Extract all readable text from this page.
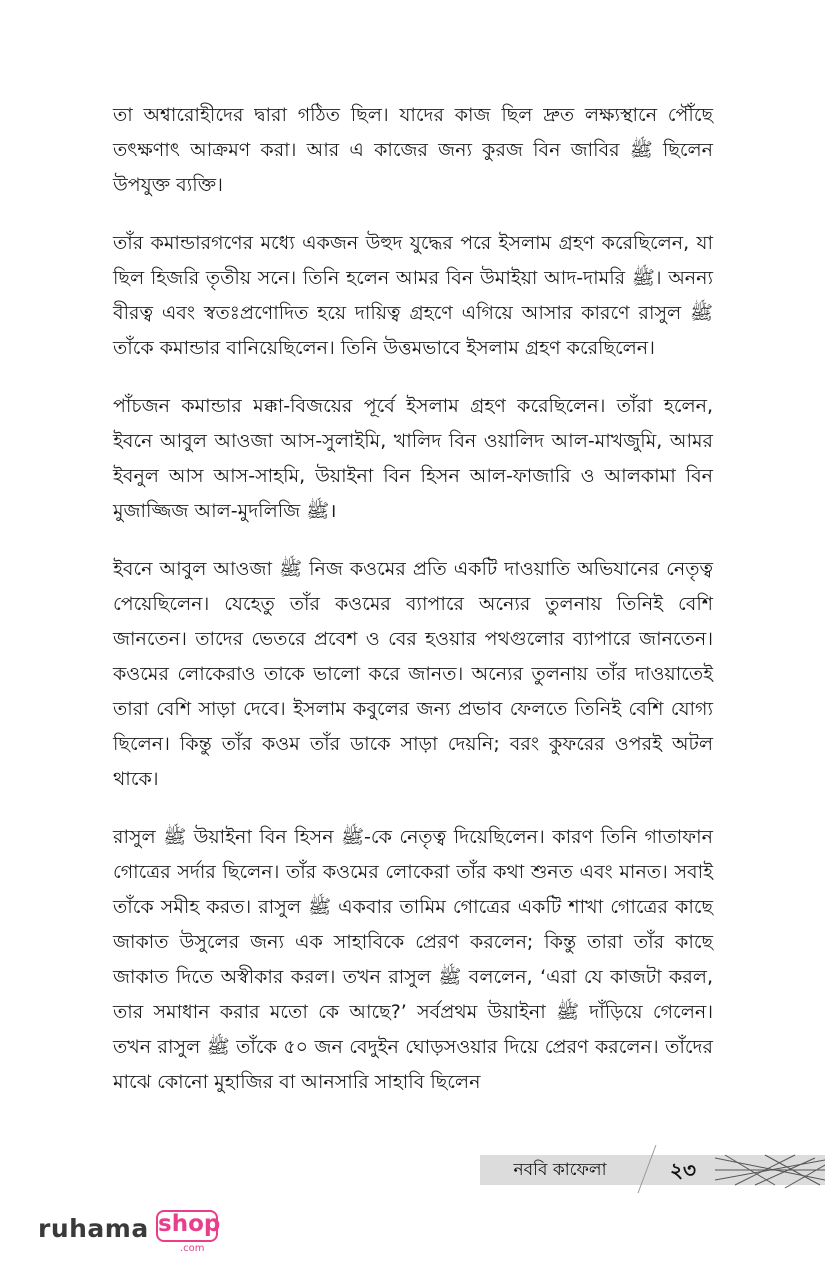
তা অশ্বারোহীদের দ্বারা গঠিত ছিল। যাদের কাজ ছিল দ্রুত লক্ষ্যস্থানে পৌঁছে তৎক্ষণাৎ আক্রমণ করা। আর এ কাজের জন্য কুরজ বিন জাবির ﷺ ছিলেন উপযুক্ত ব্যক্তি।

তাঁর কমান্ডারগণের মধ্যে একজন উহুদ যুদ্ধের পরে ইসলাম গ্রহণ করেছিলেন, যা ছিল হিজরি তৃতীয় সনে। তিনি হলেন আমর বিন উমাইয়া আদ-দামরি ﷺ। অনন্য বীরত্ব এবং স্বতঃপ্রণোদিত হয়ে দায়িত্ব গ্রহণে এগিয়ে আসার কারণে রাসুল ﷺ তাঁকে কমান্ডার বানিয়েছিলেন। তিনি উত্তমভাবে ইসলাম গ্রহণ করেছিলেন।

পাঁচজন কমান্ডার মক্কা-বিজয়ের পূর্বে ইসলাম গ্রহণ করেছিলেন। তাঁরা হলেন, ইবনে আবুল আওজা আস-সুলাইমি, খালিদ বিন ওয়ালিদ আল-মাখজুমি, আমর ইবনুল আস আস-সাহমি, উয়াইনা বিন হিসন আল-ফাজারি ও আলকামা বিন মুজাজ্জিজ আল-মুদলিজি ﷺ।

ইবনে আবুল আওজা ﷺ নিজ কওমের প্রতি একটি দাওয়াতি অভিযানের নেতৃত্ব পেয়েছিলেন। যেহেতু তাঁর কওমের ব্যাপারে অন্যের তুলনায় তিনিই বেশি জানতেন। তাদের ভেতরে প্রবেশ ও বের হওয়ার পথগুলোর ব্যাপারে জানতেন। কওমের লোকেরাও তাকে ভালো করে জানত। অন্যের তুলনায় তাঁর দাওয়াতেই তারা বেশি সাড়া দেবে। ইসলাম কবুলের জন্য প্রভাব ফেলতে তিনিই বেশি যোগ্য ছিলেন। কিন্তু তাঁর কওম তাঁর ডাকে সাড়া দেয়নি; বরং কুফরের ওপরই অটল থাকে।

রাসুল ﷺ উয়াইনা বিন হিসন ﷺ-কে নেতৃত্ব দিয়েছিলেন। কারণ তিনি গাতাফান গোত্রের সর্দার ছিলেন। তাঁর কওমের লোকেরা তাঁর কথা শুনত এবং মানত। সবাই তাঁকে সমীহ করত। রাসুল ﷺ একবার তামিম গোত্রের একটি শাখা গোত্রের কাছে জাকাত উসুলের জন্য এক সাহাবিকে প্রেরণ করলেন; কিন্তু তারা তাঁর কাছে জাকাত দিতে অস্বীকার করল। তখন রাসুল ﷺ বললেন, ‘এরা যে কাজটা করল, তার সমাধান করার মতো কে আছে?’ সর্বপ্রথম উয়াইনা ﷺ দাঁড়িয়ে গেলেন। তখন রাসুল ﷺ তাঁকে ৫০ জন বেদুইন ঘোড়সওয়ার দিয়ে প্রেরণ করলেন। তাঁদের মাঝে কোনো মুহাজির বা আনসারি সাহাবি ছিলেন

নববি কাফেলা	২৩
ruhama shop
.com
